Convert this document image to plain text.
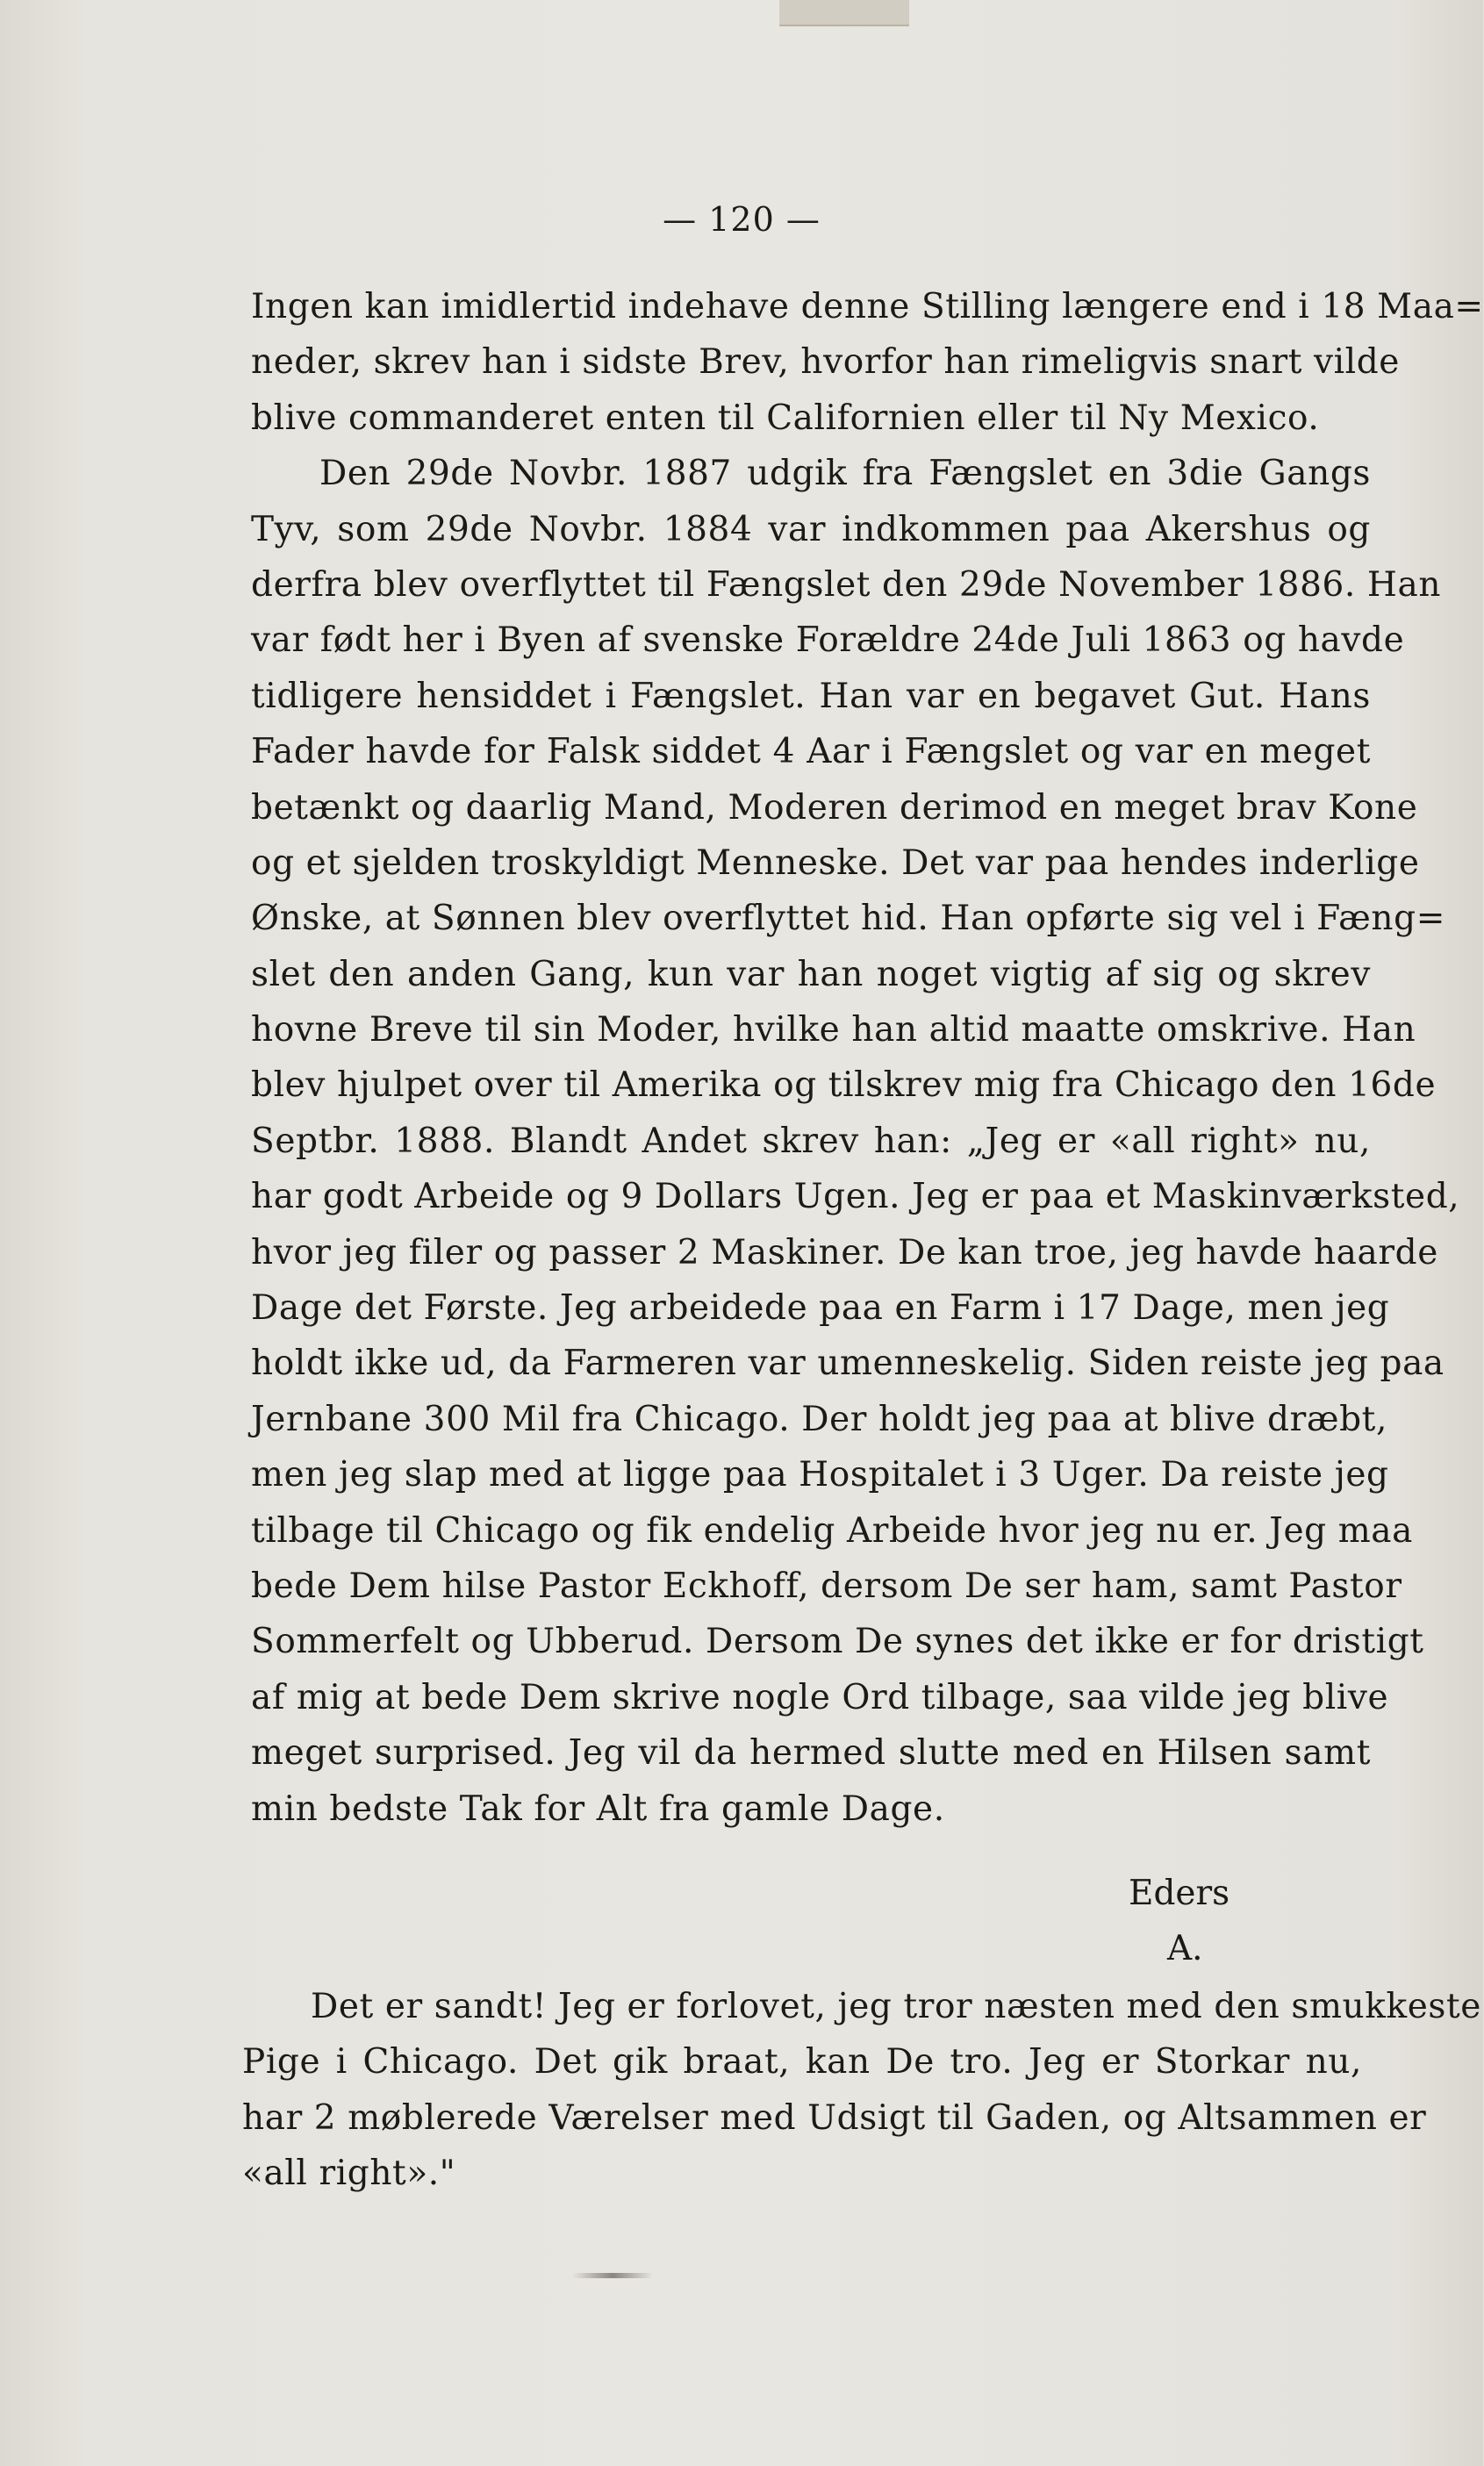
— 120 —
Ingen kan imidlertid indehave denne Stilling længere end i 18 Maa=
neder, skrev han i sidste Brev, hvorfor han rimeligvis snart vilde
blive commanderet enten til Californien eller til Ny Mexico.
Den 29de Novbr. 1887 udgik fra Fængslet en 3die Gangs
Tyv, som 29de Novbr. 1884 var indkommen paa Akershus og
derfra blev overflyttet til Fængslet den 29de November 1886. Han
var født her i Byen af svenske Forældre 24de Juli 1863 og havde
tidligere hensiddet i Fængslet. Han var en begavet Gut. Hans
Fader havde for Falsk siddet 4 Aar i Fængslet og var en meget
betænkt og daarlig Mand, Moderen derimod en meget brav Kone
og et sjelden troskyldigt Menneske. Det var paa hendes inderlige
Ønske, at Sønnen blev overflyttet hid. Han opførte sig vel i Fæng=
slet den anden Gang, kun var han noget vigtig af sig og skrev
hovne Breve til sin Moder, hvilke han altid maatte omskrive. Han
blev hjulpet over til Amerika og tilskrev mig fra Chicago den 16de
Septbr. 1888. Blandt Andet skrev han: „Jeg er «all right» nu,
har godt Arbeide og 9 Dollars Ugen. Jeg er paa et Maskinværksted,
hvor jeg filer og passer 2 Maskiner. De kan troe, jeg havde haarde
Dage det Første. Jeg arbeidede paa en Farm i 17 Dage, men jeg
holdt ikke ud, da Farmeren var umenneskelig. Siden reiste jeg paa
Jernbane 300 Mil fra Chicago. Der holdt jeg paa at blive dræbt,
men jeg slap med at ligge paa Hospitalet i 3 Uger. Da reiste jeg
tilbage til Chicago og fik endelig Arbeide hvor jeg nu er. Jeg maa
bede Dem hilse Pastor Eckhoff, dersom De ser ham, samt Pastor
Sommerfelt og Ubberud. Dersom De synes det ikke er for dristigt
af mig at bede Dem skrive nogle Ord tilbage, saa vilde jeg blive
meget surprised. Jeg vil da hermed slutte med en Hilsen samt
min bedste Tak for Alt fra gamle Dage.
Eders
A.
Det er sandt! Jeg er forlovet, jeg tror næsten med den smukkeste
Pige i Chicago. Det gik braat, kan De tro. Jeg er Storkar nu,
har 2 møblerede Værelser med Udsigt til Gaden, og Altsammen er
«all right»."
